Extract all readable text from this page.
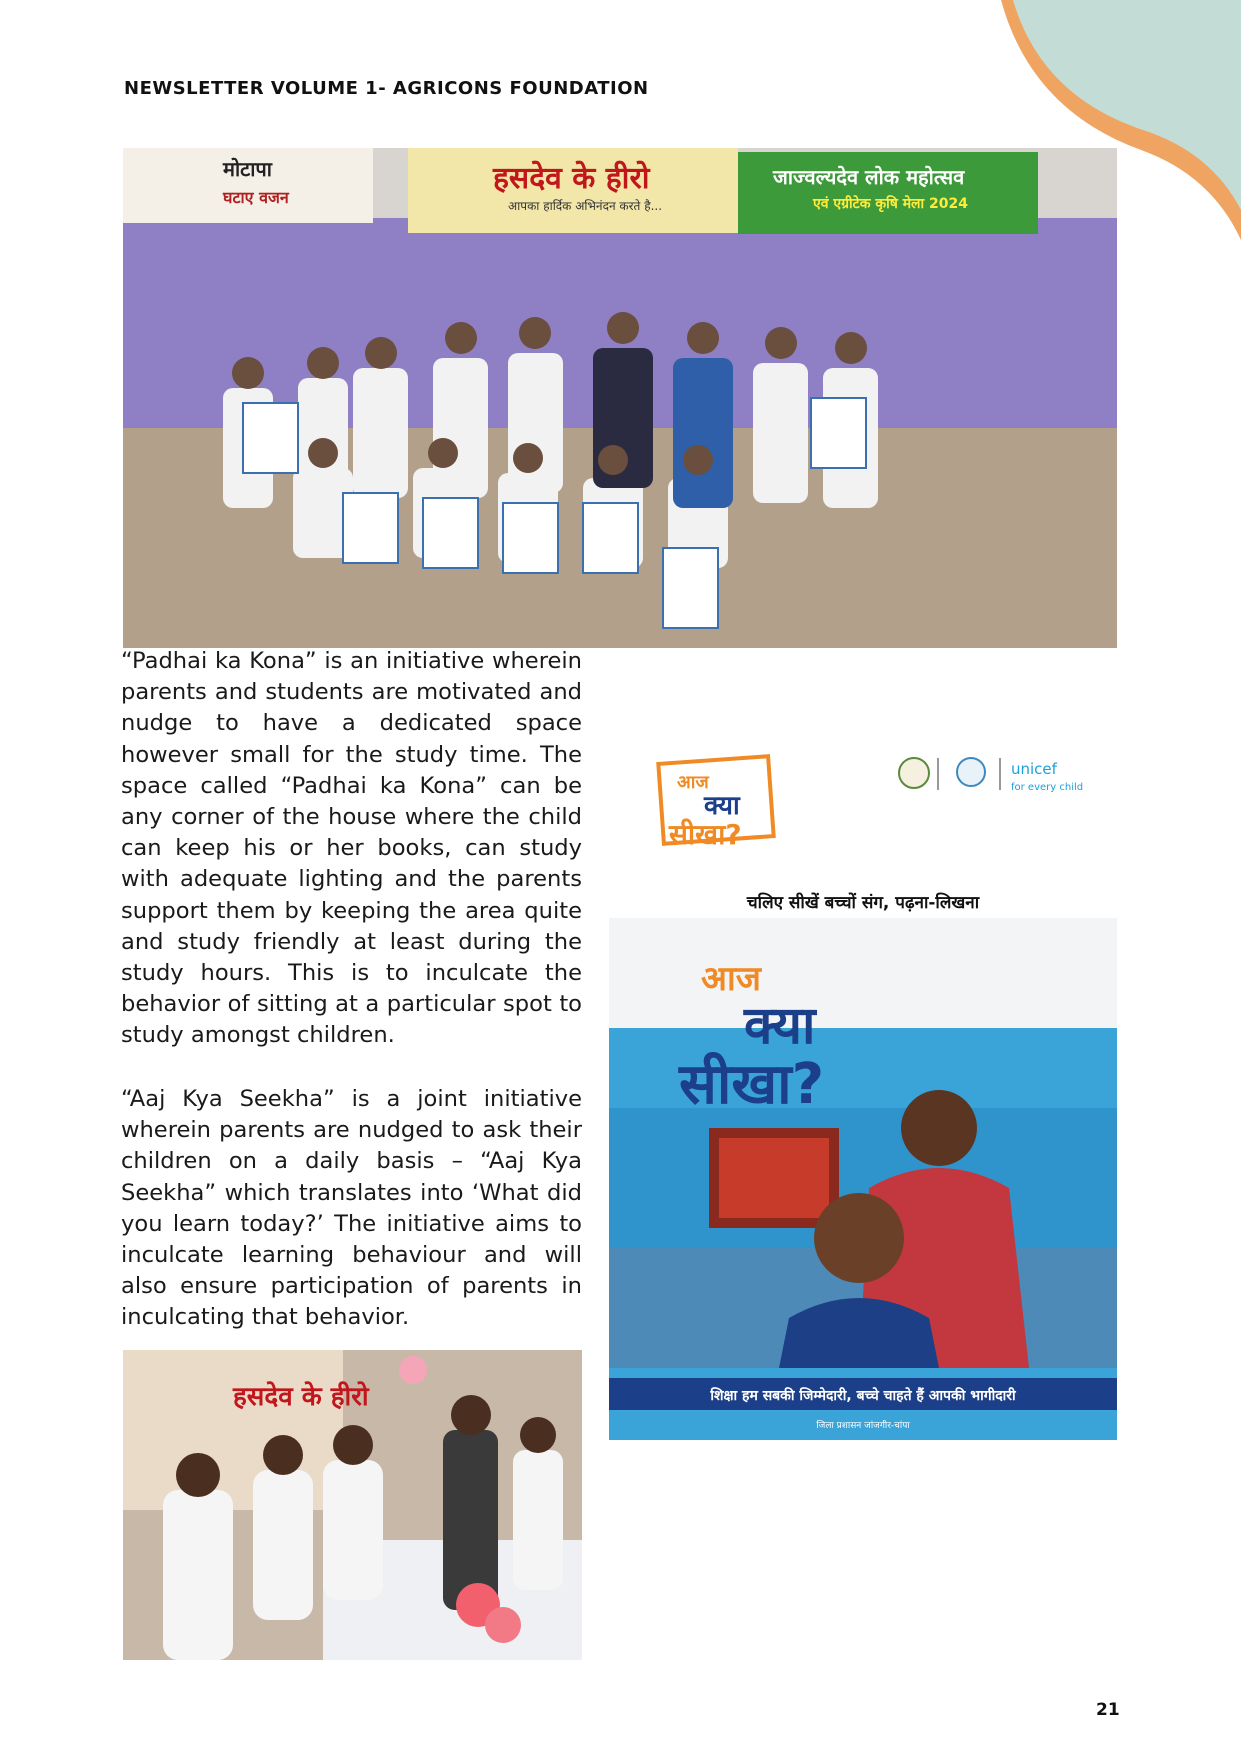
NEWSLETTER VOLUME 1- AGRICONS FOUNDATION
मोटापा
घटाए वजन
हसदेव के हीरो
आपका हार्दिक अभिनंदन करते है...
जाज्वल्यदेव लोक महोत्सव
एवं एग्रीटेक कृषि मेला 2024

“Padhai ka Kona” is an initiative wherein parents and students are motivated and nudge to have a dedicated space however small for the study time. The space called “Padhai ka Kona” can be any corner of the house where the child can keep his or her books, can study with adequate lighting and the parents support them by keeping the area quite and study friendly at least during the study hours. This is to inculcate the behavior of sitting at a particular spot to study amongst children.

“Aaj Kya Seekha” is a joint initiative wherein parents are nudged to ask their children on a daily basis – “Aaj Kya Seekha” which translates into ‘What did you learn today?’ The initiative aims to inculcate learning behaviour and will also ensure participation of parents in inculcating that behavior.

आज
क्या
सीखा?
unicef
for every child
चलिए सीखें बच्चों संग, पढ़ना-लिखना
आज
क्या
सीखा?
शिक्षा हम सबकी जिम्मेदारी, बच्चे चाहते हैं आपकी भागीदारी
जिला प्रशासन जांजगीर-चांपा
हसदेव के हीरो
21
